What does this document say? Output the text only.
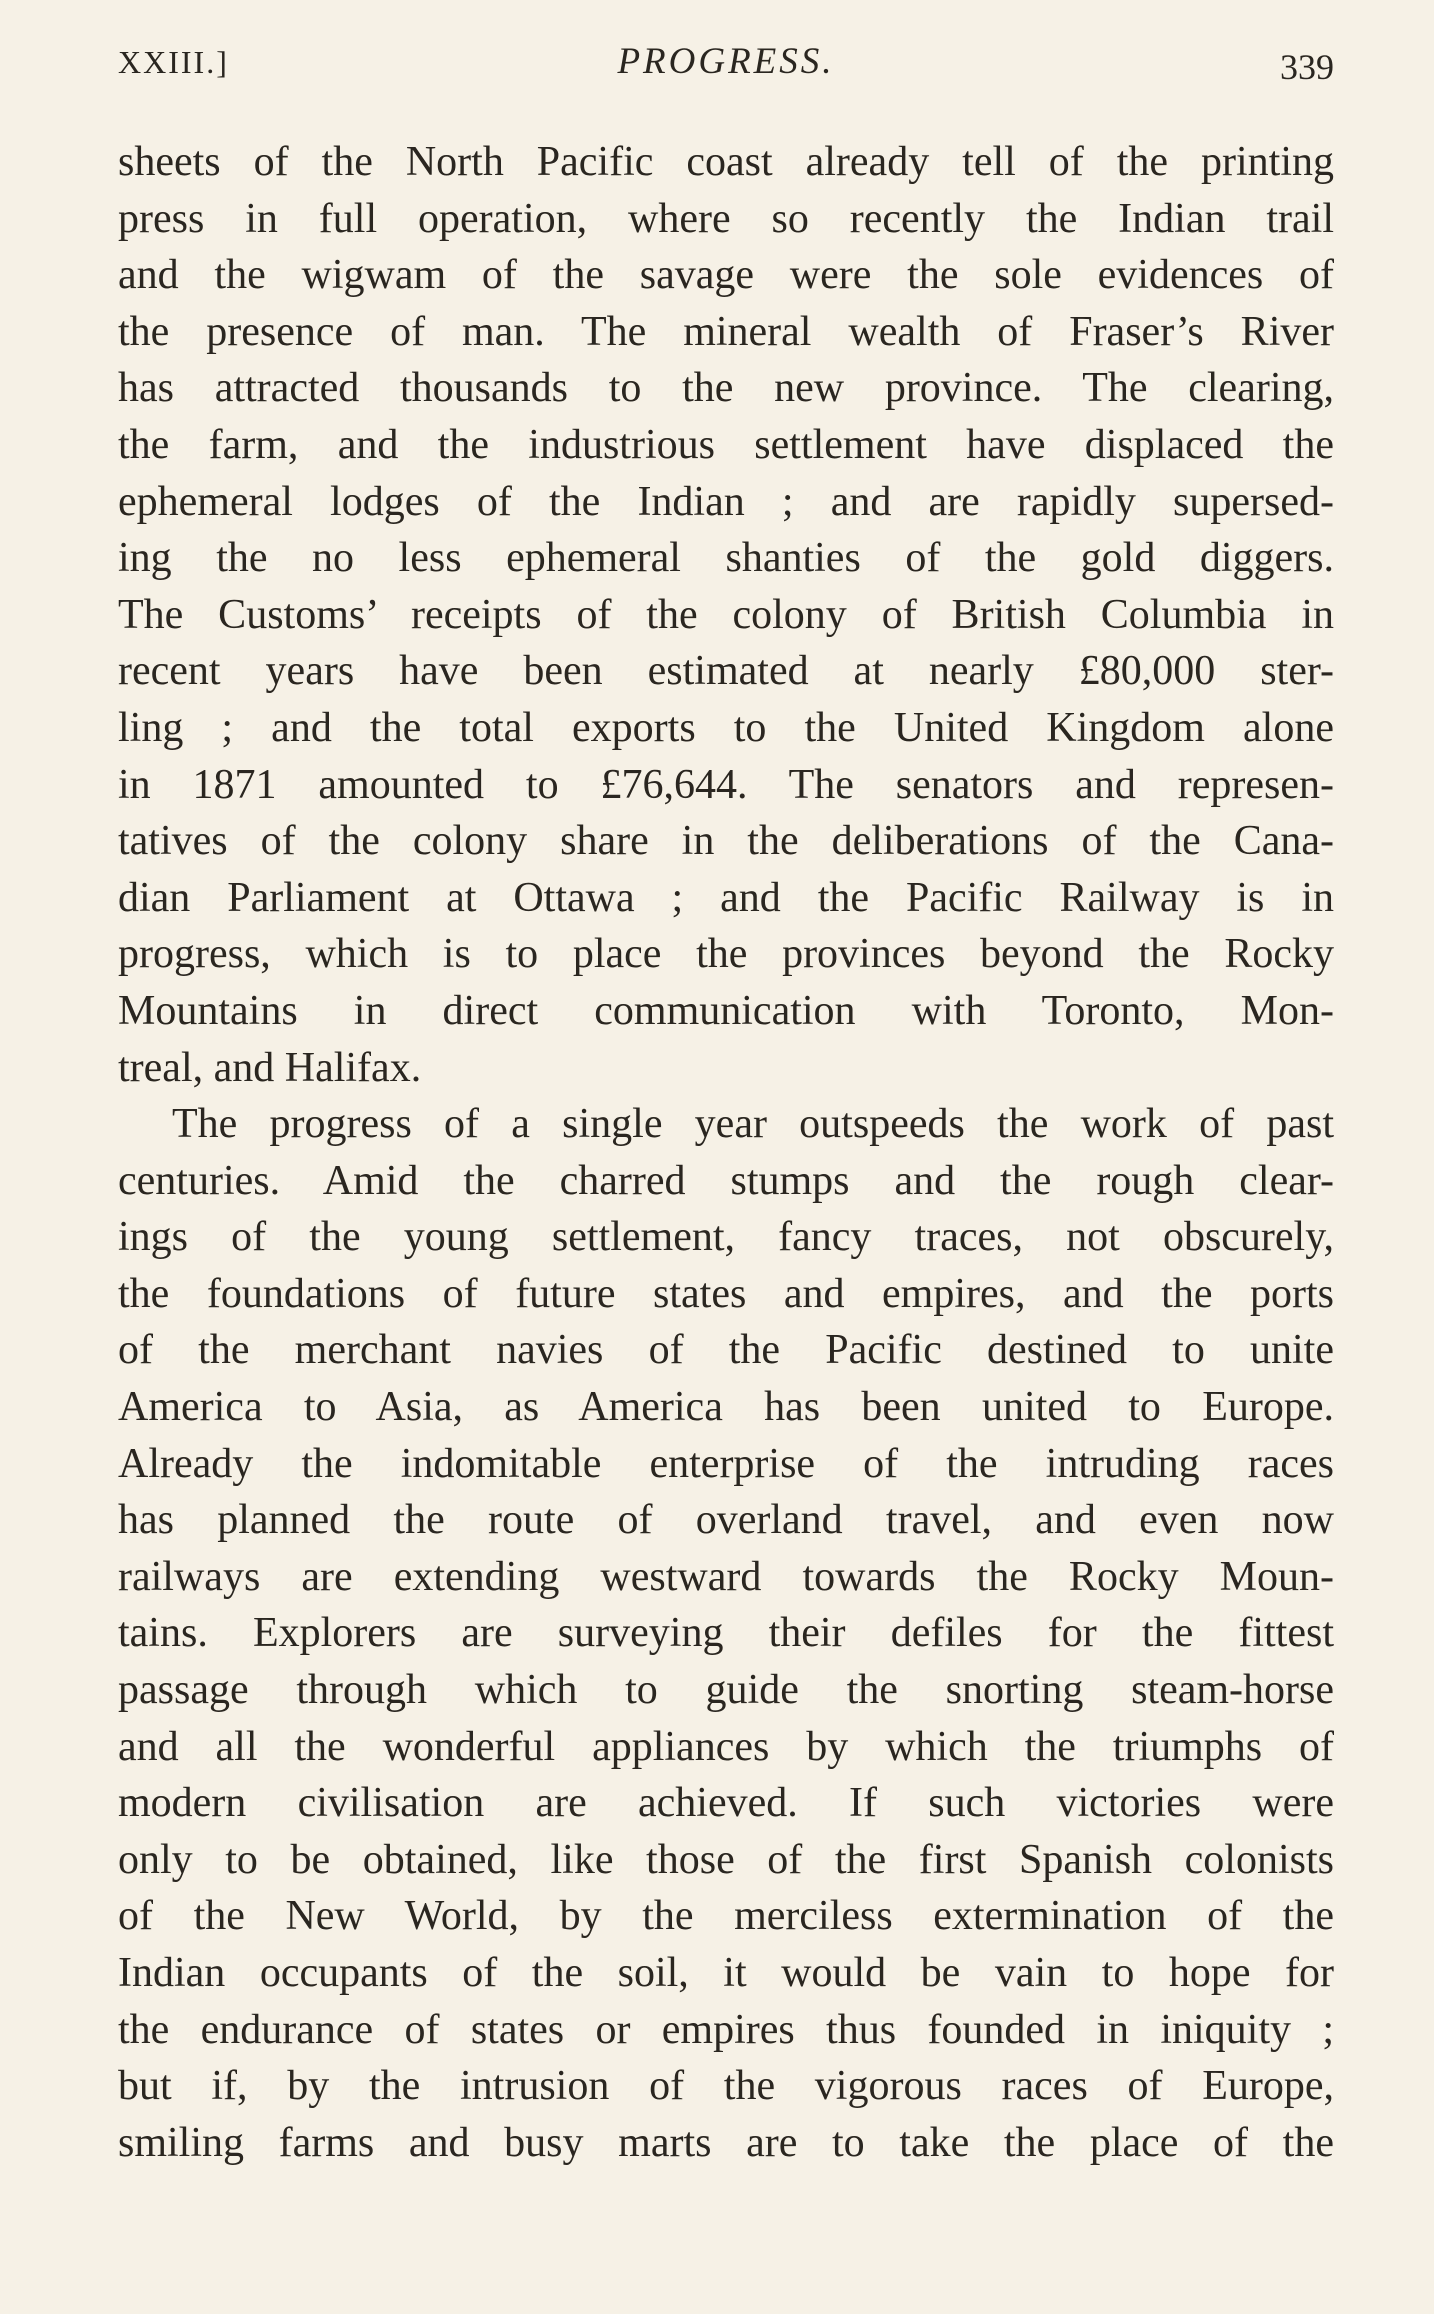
XXIII.]	PROGRESS.	339
sheets of the North Pacific coast already tell of the printing
press in full operation, where so recently the Indian trail
and the wigwam of the savage were the sole evidences of
the presence of man. The mineral wealth of Fraser’s River
has attracted thousands to the new province. The clearing,
the farm, and the industrious settlement have displaced the
ephemeral lodges of the Indian ; and are rapidly supersed-
ing the no less ephemeral shanties of the gold diggers.
The Customs’ receipts of the colony of British Columbia in
recent years have been estimated at nearly £80,000 ster-
ling ; and the total exports to the United Kingdom alone
in 1871 amounted to £76,644. The senators and represen-
tatives of the colony share in the deliberations of the Cana-
dian Parliament at Ottawa ; and the Pacific Railway is in
progress, which is to place the provinces beyond the Rocky
Mountains in direct communication with Toronto, Mon-
treal, and Halifax.
The progress of a single year outspeeds the work of past
centuries. Amid the charred stumps and the rough clear-
ings of the young settlement, fancy traces, not obscurely,
the foundations of future states and empires, and the ports
of the merchant navies of the Pacific destined to unite
America to Asia, as America has been united to Europe.
Already the indomitable enterprise of the intruding races
has planned the route of overland travel, and even now
railways are extending westward towards the Rocky Moun-
tains. Explorers are surveying their defiles for the fittest
passage through which to guide the snorting steam-horse
and all the wonderful appliances by which the triumphs of
modern civilisation are achieved. If such victories were
only to be obtained, like those of the first Spanish colonists
of the New World, by the merciless extermination of the
Indian occupants of the soil, it would be vain to hope for
the endurance of states or empires thus founded in iniquity ;
but if, by the intrusion of the vigorous races of Europe,
smiling farms and busy marts are to take the place of the
